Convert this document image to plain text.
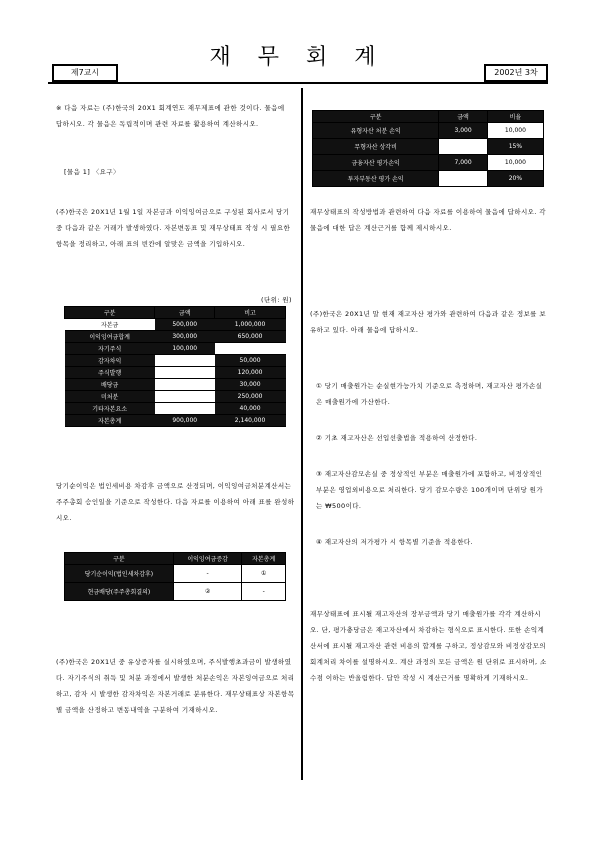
재 무 회 계
제7교시	2002년 3차
※ 다음 자료는 (주)한국의 20X1 회계연도 재무제표에 관한 것이다. 물음에 답하시오. 각 물음은 독립적이며 관련 자료를 활용하여 계산하시오.
[물음 1] 〈요구〉
(주)한국은 20X1년 1월 1일 자본금과 이익잉여금으로 구성된 회사로서 당기 중 다음과 같은 거래가 발생하였다. 자본변동표 및 재무상태표 작성 시 필요한 항목을 정리하고, 아래 표의 빈칸에 알맞은 금액을 기입하시오.
(단위: 원)
구분	금액	비고
자본금	500,000	1,000,000
이익잉여금합계	300,000	650,000
자기주식	100,000	
감자차익		50,000
주식발행		120,000
배당금		30,000
미처분		250,000
기타자본요소		40,000
자본총계	900,000	2,140,000
당기순이익은 법인세비용 차감후 금액으로 산정되며, 이익잉여금처분계산서는 주주총회 승인일을 기준으로 작성한다. 다음 자료를 이용하여 아래 표를 완성하시오.
구분	이익잉여금증감	자본총계
당기순이익(법인세차감후)	-	①
현금배당(주주총회결의)	②	-
(주)한국은 20X1년 중 유상증자를 실시하였으며, 주식발행초과금이 발생하였다. 자기주식의 취득 및 처분 과정에서 발생한 처분손익은 자본잉여금으로 처리하고, 감자 시 발생한 감자차익은 자본거래로 분류한다. 재무상태표상 자본항목별 금액을 산정하고 변동내역을 구분하여 기재하시오.
구분	금액	비율
유형자산 처분 손익	3,000	10,000
무형자산 상각비		15%
금융자산 평가손익	7,000	10,000
투자부동산 평가 손익		20%
재무상태표의 작성방법과 관련하여 다음 자료를 이용하여 물음에 답하시오. 각 물음에 대한 답은 계산근거를 함께 제시하시오.
(주)한국은 20X1년 말 현재 재고자산 평가와 관련하여 다음과 같은 정보를 보유하고 있다. 아래 물음에 답하시오.
① 당기 매출원가는 순실현가능가치 기준으로 측정하며, 재고자산 평가손실은 매출원가에 가산한다.
② 기초 재고자산은 선입선출법을 적용하여 산정한다.
③ 재고자산감모손실 중 정상적인 부분은 매출원가에 포함하고, 비정상적인 부분은 영업외비용으로 처리한다. 당기 감모수량은 100개이며 단위당 원가는 ₩500이다.
④ 재고자산의 저가평가 시 항목별 기준을 적용한다.
재무상태표에 표시될 재고자산의 장부금액과 당기 매출원가를 각각 계산하시오. 단, 평가충당금은 재고자산에서 차감하는 형식으로 표시한다. 또한 손익계산서에 표시될 재고자산 관련 비용의 합계를 구하고, 정상감모와 비정상감모의 회계처리 차이를 설명하시오. 계산 과정의 모든 금액은 원 단위로 표시하며, 소수점 이하는 반올림한다. 답안 작성 시 계산근거를 명확하게 기재하시오.
